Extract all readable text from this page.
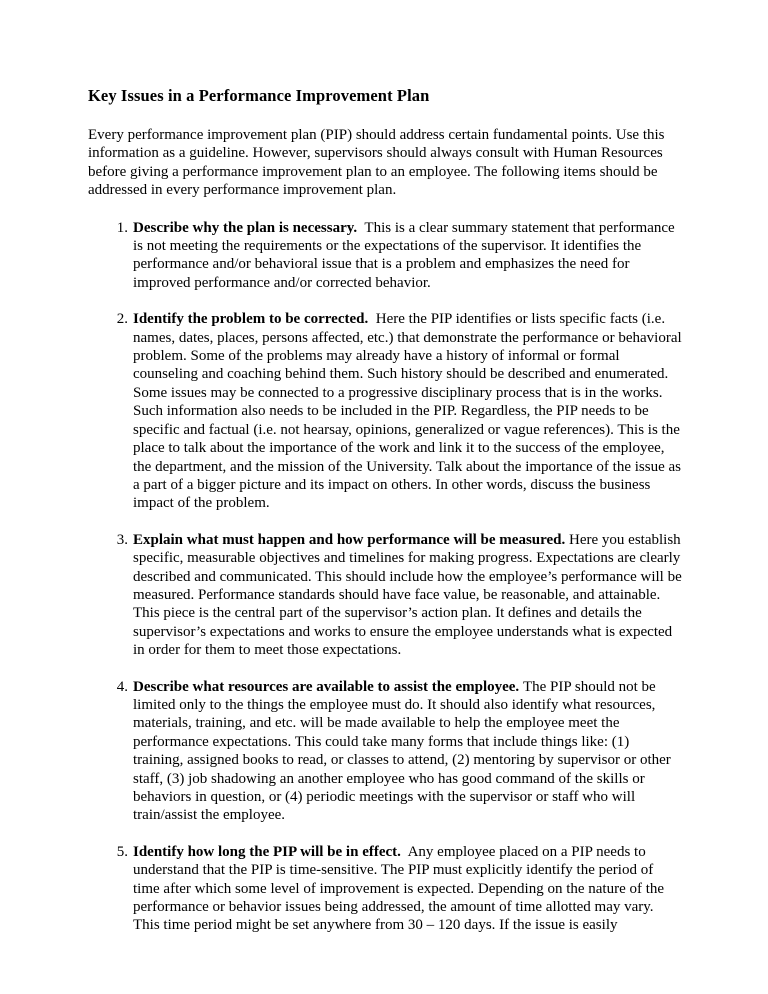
Key Issues in a Performance Improvement Plan

Every performance improvement plan (PIP) should address certain fundamental points. Use this information as a guideline. However, supervisors should always consult with Human Resources before giving a performance improvement plan to an employee. The following items should be addressed in every performance improvement plan.

1. Describe why the plan is necessary. This is a clear summary statement that performance is not meeting the requirements or the expectations of the supervisor. It identifies the performance and/or behavioral issue that is a problem and emphasizes the need for improved performance and/or corrected behavior.
2. Identify the problem to be corrected. Here the PIP identifies or lists specific facts (i.e. names, dates, places, persons affected, etc.) that demonstrate the performance or behavioral problem. Some of the problems may already have a history of informal or formal counseling and coaching behind them. Such history should be described and enumerated. Some issues may be connected to a progressive disciplinary process that is in the works. Such information also needs to be included in the PIP. Regardless, the PIP needs to be specific and factual (i.e. not hearsay, opinions, generalized or vague references). This is the place to talk about the importance of the work and link it to the success of the employee, the department, and the mission of the University. Talk about the importance of the issue as a part of a bigger picture and its impact on others. In other words, discuss the business impact of the problem.
3. Explain what must happen and how performance will be measured. Here you establish specific, measurable objectives and timelines for making progress. Expectations are clearly described and communicated. This should include how the employee’s performance will be measured. Performance standards should have face value, be reasonable, and attainable. This piece is the central part of the supervisor’s action plan. It defines and details the supervisor’s expectations and works to ensure the employee understands what is expected in order for them to meet those expectations.
4. Describe what resources are available to assist the employee. The PIP should not be limited only to the things the employee must do. It should also identify what resources, materials, training, and etc. will be made available to help the employee meet the performance expectations. This could take many forms that include things like: (1) training, assigned books to read, or classes to attend, (2) mentoring by supervisor or other staff, (3) job shadowing an another employee who has good command of the skills or behaviors in question, or (4) periodic meetings with the supervisor or staff who will train/assist the employee.
5. Identify how long the PIP will be in effect. Any employee placed on a PIP needs to understand that the PIP is time-sensitive. The PIP must explicitly identify the period of time after which some level of improvement is expected. Depending on the nature of the performance or behavior issues being addressed, the amount of time allotted may vary. This time period might be set anywhere from 30 – 120 days. If the issue is easily
